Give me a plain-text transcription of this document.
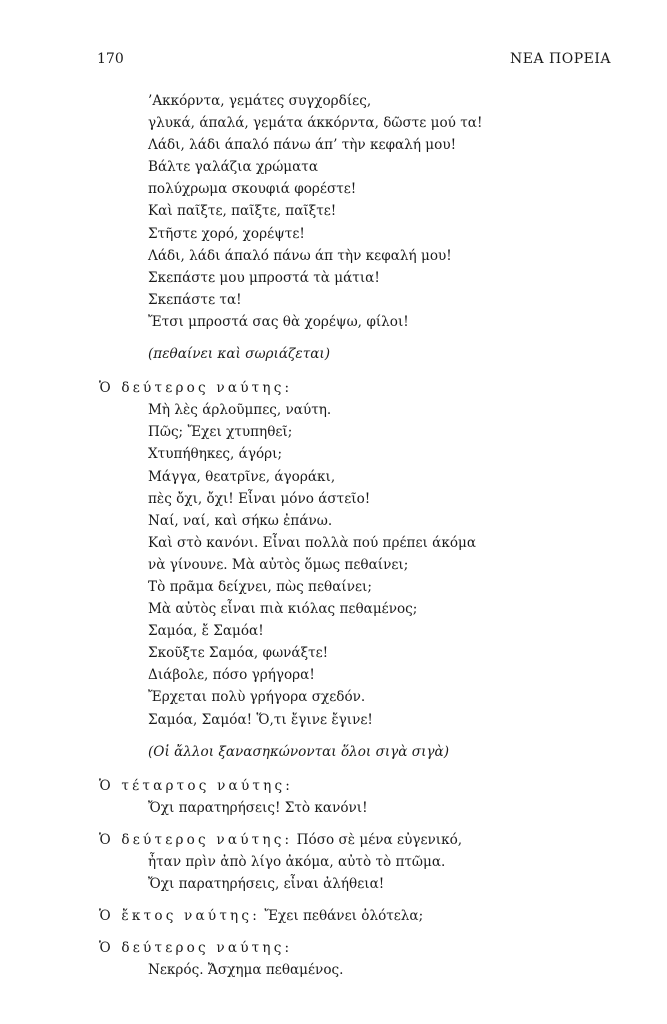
170	ΝΕΑ ΠΟΡΕΙΑ
’Ακκόρντα, γεμάτες συγχορδίες,
γλυκά, άπαλά, γεμάτα άκκόρντα, δῶστε μού τα!
Λάδι, λάδι άπαλό πάνω άπ’ τὴν κεφαλή μου!
Βάλτε γαλάζια χρώματα
πολύχρωμα σκουφιά φορέστε!
Καὶ παῖξτε, παῖξτε, παῖξτε!
Στῆστε χορό, χορέψτε!
Λάδι, λάδι άπαλό πάνω άπ τὴν κεφαλή μου!
Σκεπάστε μου μπροστά τὰ μάτια!
Σκεπάστε τα!
Ἔτσι μπροστά σας θὰ χορέψω, φίλοι!
(πεθαίνει καὶ σωριάζεται)
Ὁ δεύτερος ναύτης:
Μὴ λὲς άρλοῦμπες, ναύτη.
Πῶς; Ἔχει χτυπηθεῖ;
Χτυπήθηκες, άγόρι;
Μάγγα, θεατρῖνε, άγοράκι,
πὲς ὄχι, ὄχι! Εἶναι μόνο άστεῖο!
Ναί, ναί, καὶ σήκω ἐπάνω.
Καὶ στὸ κανόνι. Εἶναι πολλὰ πού πρέπει άκόμα
νὰ γίνουνε. Μὰ αὐτὸς ὅμως πεθαίνει;
Τὸ πρᾶμα δείχνει, πὼς πεθαίνει;
Μὰ αὐτὸς εἶναι πιὰ κιόλας πεθαμένος;
Σαμόα, ἔ Σαμόα!
Σκοῦξτε Σαμόα, φωνάξτε!
Διάβολε, πόσο γρήγορα!
Ἔρχεται πολὺ γρήγορα σχεδόν.
Σαμόα, Σαμόα! Ὅ,τι ἔγινε ἔγινε!
(Οἱ ἄλλοι ξανασηκώνονται ὅλοι σιγὰ σιγὰ)
Ὁ τέταρτος ναύτης:
Ὄχι παρατηρήσεις! Στὸ κανόνι!
Ὁ δεύτερος ναύτης: Πόσο σὲ μένα εὐγενικό,
ἦταν πρὶν ἀπὸ λίγο ἀκόμα, αὐτὸ τὸ πτῶμα.
Ὄχι παρατηρήσεις, εἶναι ἀλήθεια!
Ὁ ἔκτος ναύτης: Ἔχει πεθάνει ὁλότελα;
Ὁ δεύτερος ναύτης:
Νεκρός. Ἄσχημα πεθαμένος.
